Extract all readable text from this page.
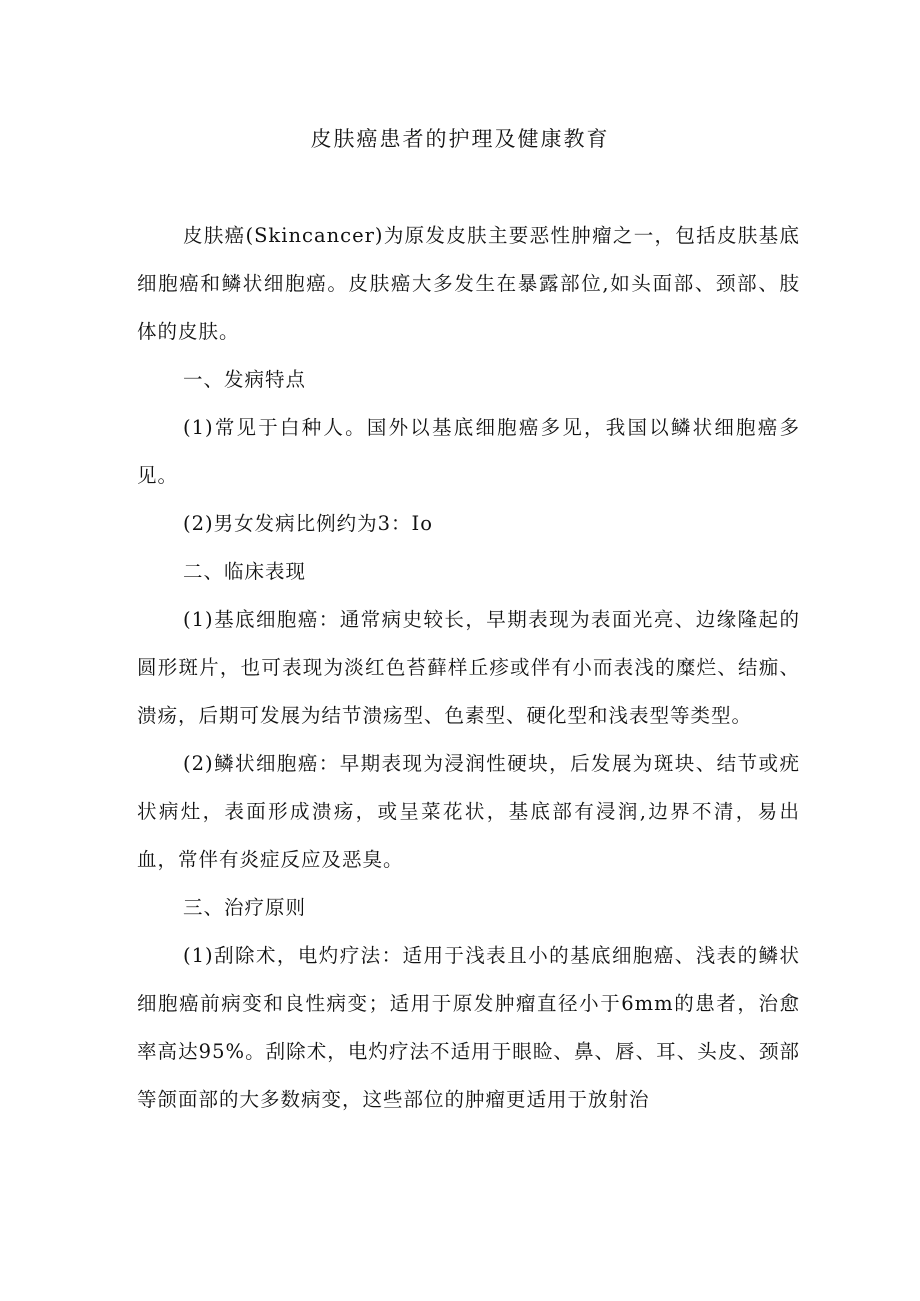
皮肤癌患者的护理及健康教育

皮肤癌(Skincancer)为原发皮肤主要恶性肿瘤之一，包括皮肤基底细胞癌和鳞状细胞癌。皮肤癌大多发生在暴露部位,如头面部、颈部、肢体的皮肤。

一、发病特点

(1)常见于白种人。国外以基底细胞癌多见，我国以鳞状细胞癌多见。

(2)男女发病比例约为3：Io

二、临床表现

(1)基底细胞癌：通常病史较长，早期表现为表面光亮、边缘隆起的圆形斑片，也可表现为淡红色苔藓样丘疹或伴有小而表浅的糜烂、结痂、溃疡，后期可发展为结节溃疡型、色素型、硬化型和浅表型等类型。

(2)鳞状细胞癌：早期表现为浸润性硬块，后发展为斑块、结节或疣状病灶，表面形成溃疡，或呈菜花状，基底部有浸润,边界不清，易出血，常伴有炎症反应及恶臭。

三、治疗原则

(1)刮除术，电灼疗法：适用于浅表且小的基底细胞癌、浅表的鳞状细胞癌前病变和良性病变；适用于原发肿瘤直径小于6mm的患者，治愈率高达95%。刮除术，电灼疗法不适用于眼睑、鼻、唇、耳、头皮、颈部等颌面部的大多数病变，这些部位的肿瘤更适用于放射治
